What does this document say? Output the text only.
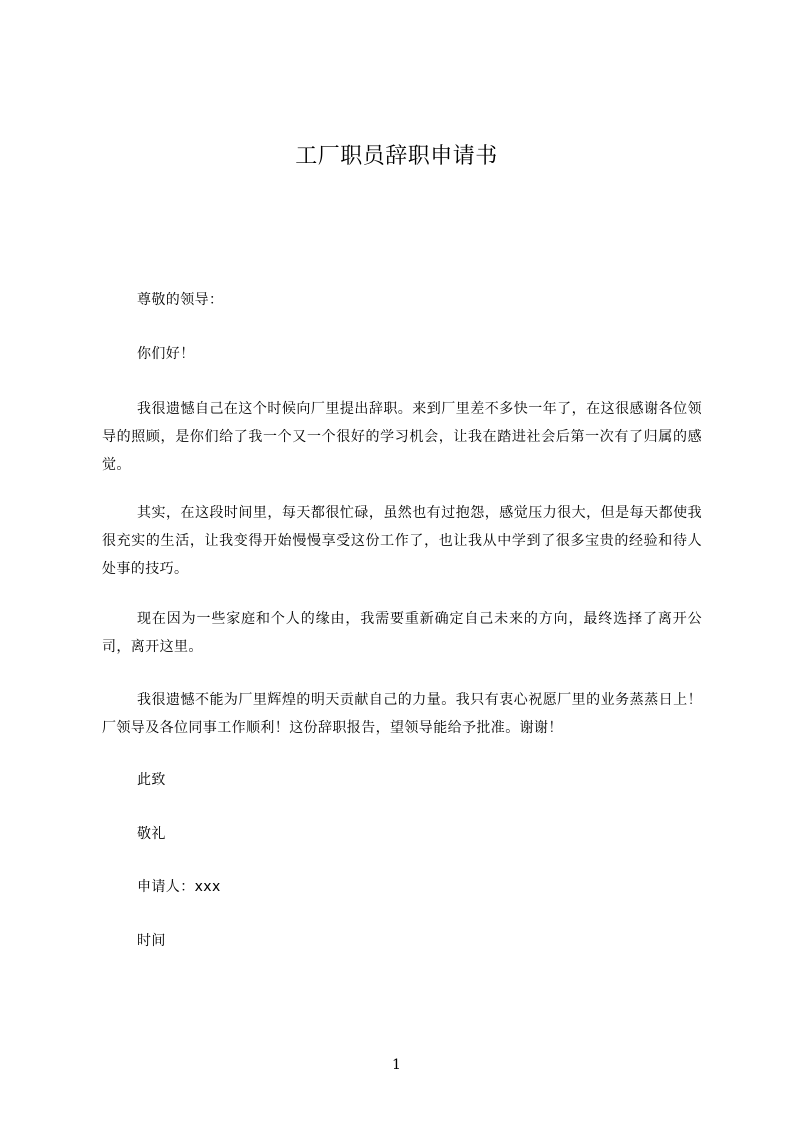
工厂职员辞职申请书

尊敬的领导：

你们好！

我很遗憾自己在这个时候向厂里提出辞职。来到厂里差不多快一年了，在这很感谢各位领导的照顾，是你们给了我一个又一个很好的学习机会，让我在踏进社会后第一次有了归属的感觉。

其实，在这段时间里，每天都很忙碌，虽然也有过抱怨，感觉压力很大，但是每天都使我很充实的生活，让我变得开始慢慢享受这份工作了，也让我从中学到了很多宝贵的经验和待人处事的技巧。

现在因为一些家庭和个人的缘由，我需要重新确定自己未来的方向，最终选择了离开公司，离开这里。

我很遗憾不能为厂里辉煌的明天贡献自己的力量。我只有衷心祝愿厂里的业务蒸蒸日上！厂领导及各位同事工作顺利！这份辞职报告，望领导能给予批准。谢谢！

此致

敬礼

申请人：xxx

时间

1
